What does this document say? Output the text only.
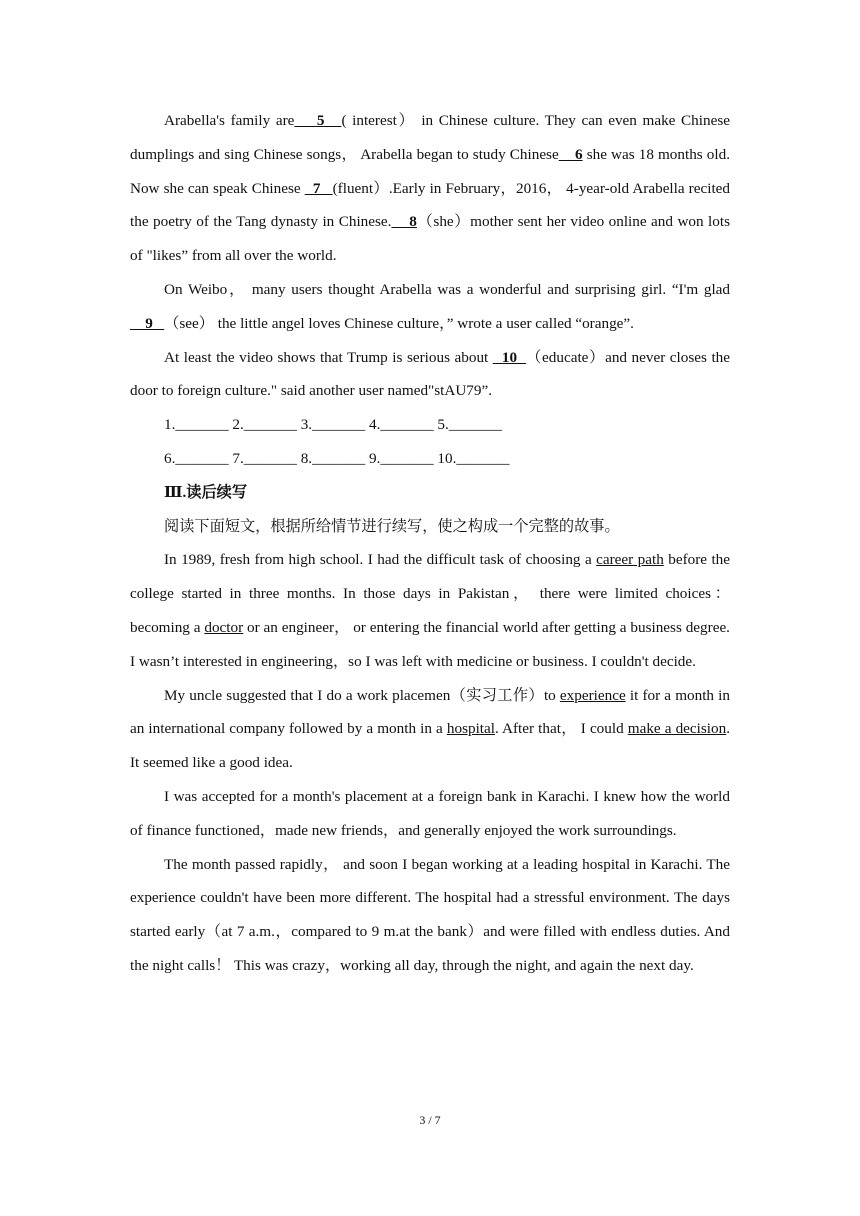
Arabella's family are    5   ( interest） in Chinese culture. They can even make Chinese dumplings and sing Chinese songs， Arabella began to study Chinese    6 she was 18 months old. Now she can speak Chinese   7   (fluent）.Early in February，2016， 4-year-old Arabella recited the poetry of the Tang dynasty in Chinese.    8（she）mother sent her video online and won lots of "likes” from all over the world.

On Weibo， many users thought Arabella was a wonderful and surprising girl. “I'm glad    9   （see） the little angel loves Chinese culture，” wrote a user called “orange”.

At least the video shows that Trump is serious about   10  （educate）and never closes the door to foreign culture." said another user named"stAU79”.

1._______ 2._______ 3._______ 4._______ 5._______

6._______ 7._______ 8._______ 9._______ 10._______

Ⅲ.读后续写

阅读下面短文，根据所给情节进行续写，使之构成一个完整的故事。

In 1989, fresh from high school. I had the difficult task of choosing a career path before the college started in three months. In those days in Pakistan， there were limited choices： becoming a doctor or an engineer， or entering the financial world after getting a business degree. I wasn’t interested in engineering，so I was left with medicine or business. I couldn't decide.

My uncle suggested that I do a work placemen（实习工作）to experience it for a month in an international company followed by a month in a hospital. After that， I could make a decision. It seemed like a good idea.

I was accepted for a month's placement at a foreign bank in Karachi. I knew how the world of finance functioned，made new friends，and generally enjoyed the work surroundings.

The month passed rapidly， and soon I began working at a leading hospital in Karachi. The experience couldn't have been more different. The hospital had a stressful environment. The days started early（at 7 a.m.，compared to 9 m.at the bank）and were filled with endless duties. And the night calls！ This was crazy，working all day, through the night, and again the next day.

3 / 7
